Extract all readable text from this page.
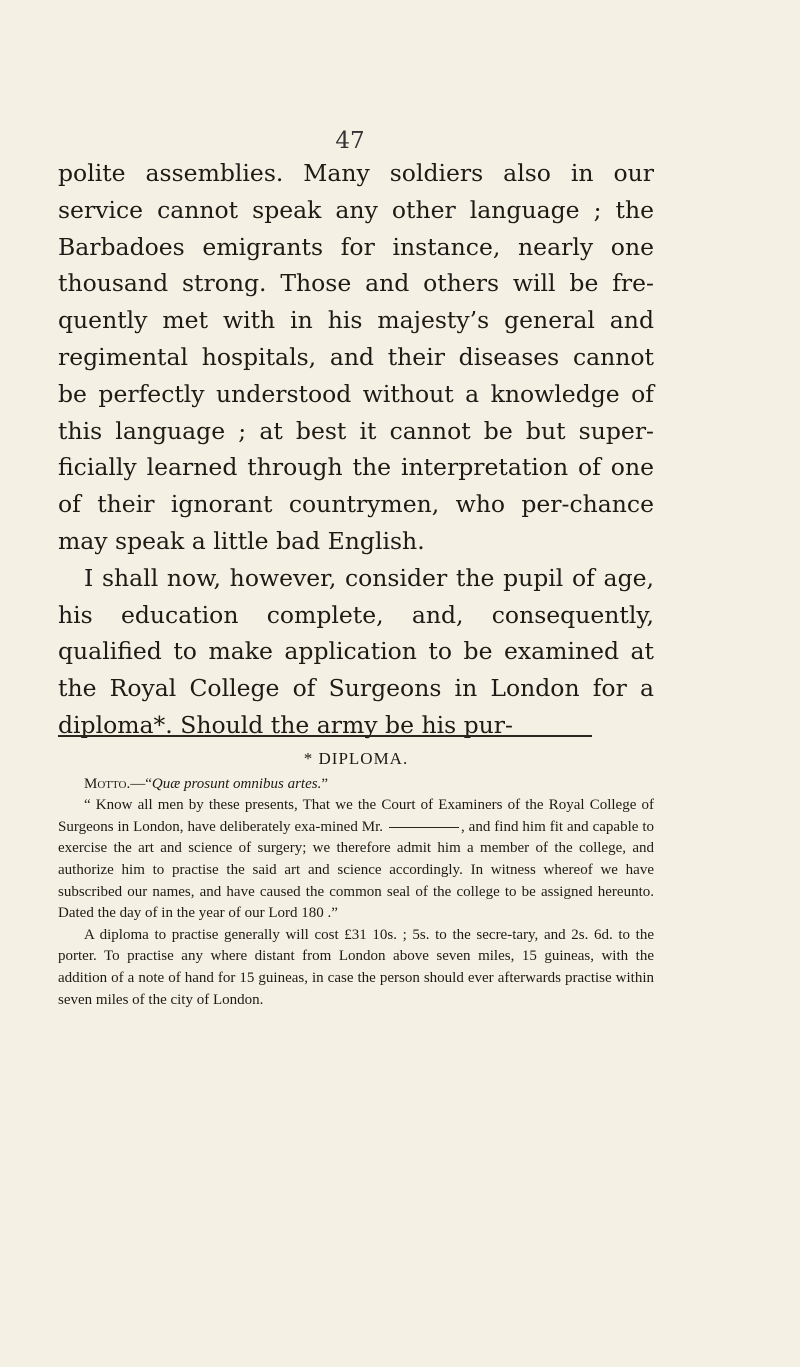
47

polite assemblies. Many soldiers also in our service cannot speak any other language ; the Barbadoes emigrants for instance, nearly one thousand strong. Those and others will be fre-quently met with in his majesty’s general and regimental hospitals, and their diseases cannot be perfectly understood without a knowledge of this language ; at best it cannot be but super-ficially learned through the interpretation of one of their ignorant countrymen, who per-chance may speak a little bad English.

I shall now, however, consider the pupil of age, his education complete, and, consequently, qualified to make application to be examined at the Royal College of Surgeons in London for a diploma*. Should the army be his pur-

* DIPLOMA.

Motto.—“Quæ prosunt omnibus artes.”

“ Know all men by these presents, That we the Court of Examiners of the Royal College of Surgeons in London, have deliberately exa-mined Mr.	, and find him fit and capable to exercise the art and science of surgery; we therefore admit him a member of the college, and authorize him to practise the said art and science accordingly. In witness whereof we have subscribed our names, and have caused the common seal of the college to be assigned hereunto. Dated the day of in the year of our Lord 180 .”

A diploma to practise generally will cost £31 10s. ; 5s. to the secre-tary, and 2s. 6d. to the porter. To practise any where distant from London above seven miles, 15 guineas, with the addition of a note of hand for 15 guineas, in case the person should ever afterwards practise within seven miles of the city of London.
